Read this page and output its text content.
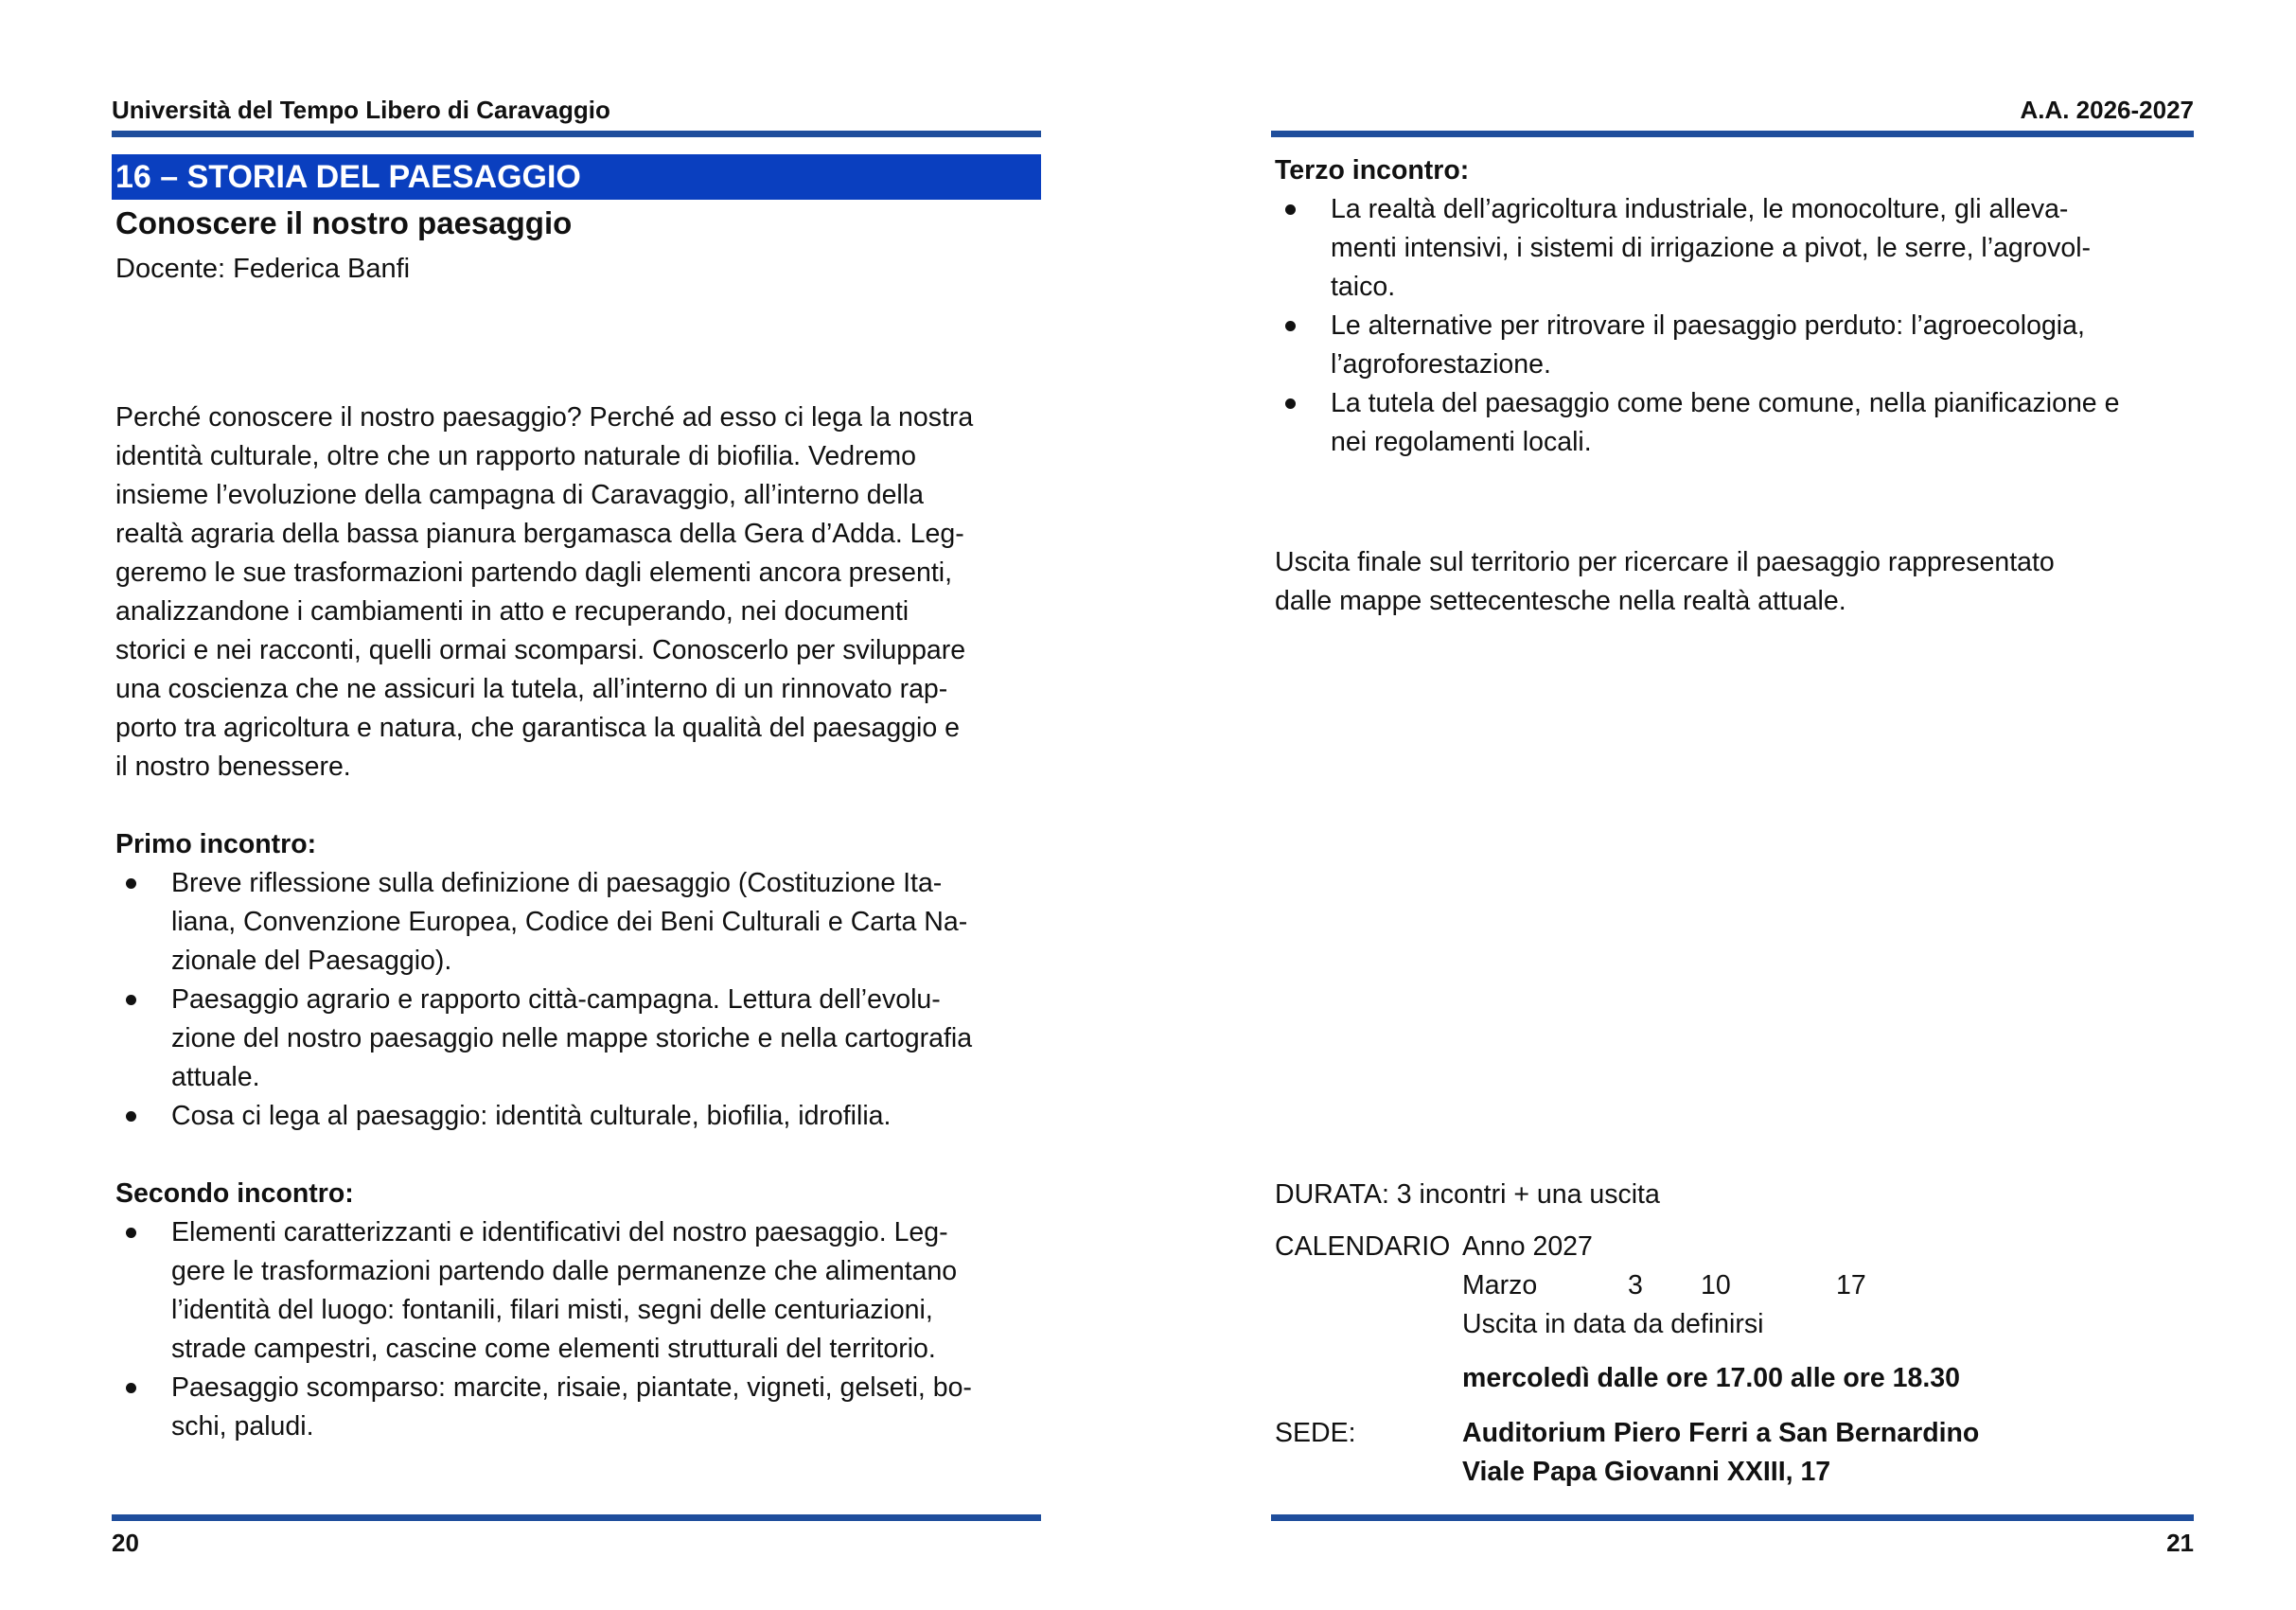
Università del Tempo Libero di Caravaggio
16 – STORIA DEL PAESAGGIO
Conoscere il nostro paesaggio
Docente: Federica Banfi

Perché conoscere il nostro paesaggio? Perché ad esso ci lega la nostra

identità culturale, oltre che un rapporto naturale di biofilia. Vedremo

insieme l’evoluzione della campagna di Caravaggio, all’interno della

realtà agraria della bassa pianura bergamasca della Gera d’Adda. Leg-

geremo le sue trasformazioni partendo dagli elementi ancora presenti,

analizzandone i cambiamenti in atto e recuperando, nei documenti

storici e nei racconti, quelli ormai scomparsi. Conoscerlo per sviluppare

una coscienza che ne assicuri la tutela, all’interno di un rinnovato rap-

porto tra agricoltura e natura, che garantisca la qualità del paesaggio e

il nostro benessere.

Primo incontro:

Breve riflessione sulla definizione di paesaggio (Costituzione Ita-
liana, Convenzione Europea, Codice dei Beni Culturali e Carta Na-
zionale del Paesaggio).
Paesaggio agrario e rapporto città-campagna. Lettura dell’evolu-
zione del nostro paesaggio nelle mappe storiche e nella cartografia
attuale.
Cosa ci lega al paesaggio: identità culturale, biofilia, idrofilia.

Secondo incontro:

Elementi caratterizzanti e identificativi del nostro paesaggio. Leg-
gere le trasformazioni partendo dalle permanenze che alimentano
l’identità del luogo: fontanili, filari misti, segni delle centuriazioni,
strade campestri, cascine come elementi strutturali del territorio.
Paesaggio scomparso: marcite, risaie, piantate, vigneti, gelseti, bo-
schi, paludi.
20
A.A. 2026-2027

Terzo incontro:

La realtà dell’agricoltura industriale, le monocolture, gli alleva-
menti intensivi, i sistemi di irrigazione a pivot, le serre, l’agrovol-
taico.
Le alternative per ritrovare il paesaggio perduto: l’agroecologia,
l’agroforestazione.
La tutela del paesaggio come bene comune, nella pianificazione e
nei regolamenti locali.

Uscita finale sul territorio per ricercare il paesaggio rappresentato

dalle mappe settecentesche nella realtà attuale.

DURATA: 3 incontri + una uscita
CALENDARIO Anno 2027
Marzo	3 10	17
Uscita in data da definirsi
mercoledì dalle ore 17.00 alle ore 18.30
SEDE:	Auditorium Piero Ferri a San Bernardino
Viale Papa Giovanni XXIII, 17
21
